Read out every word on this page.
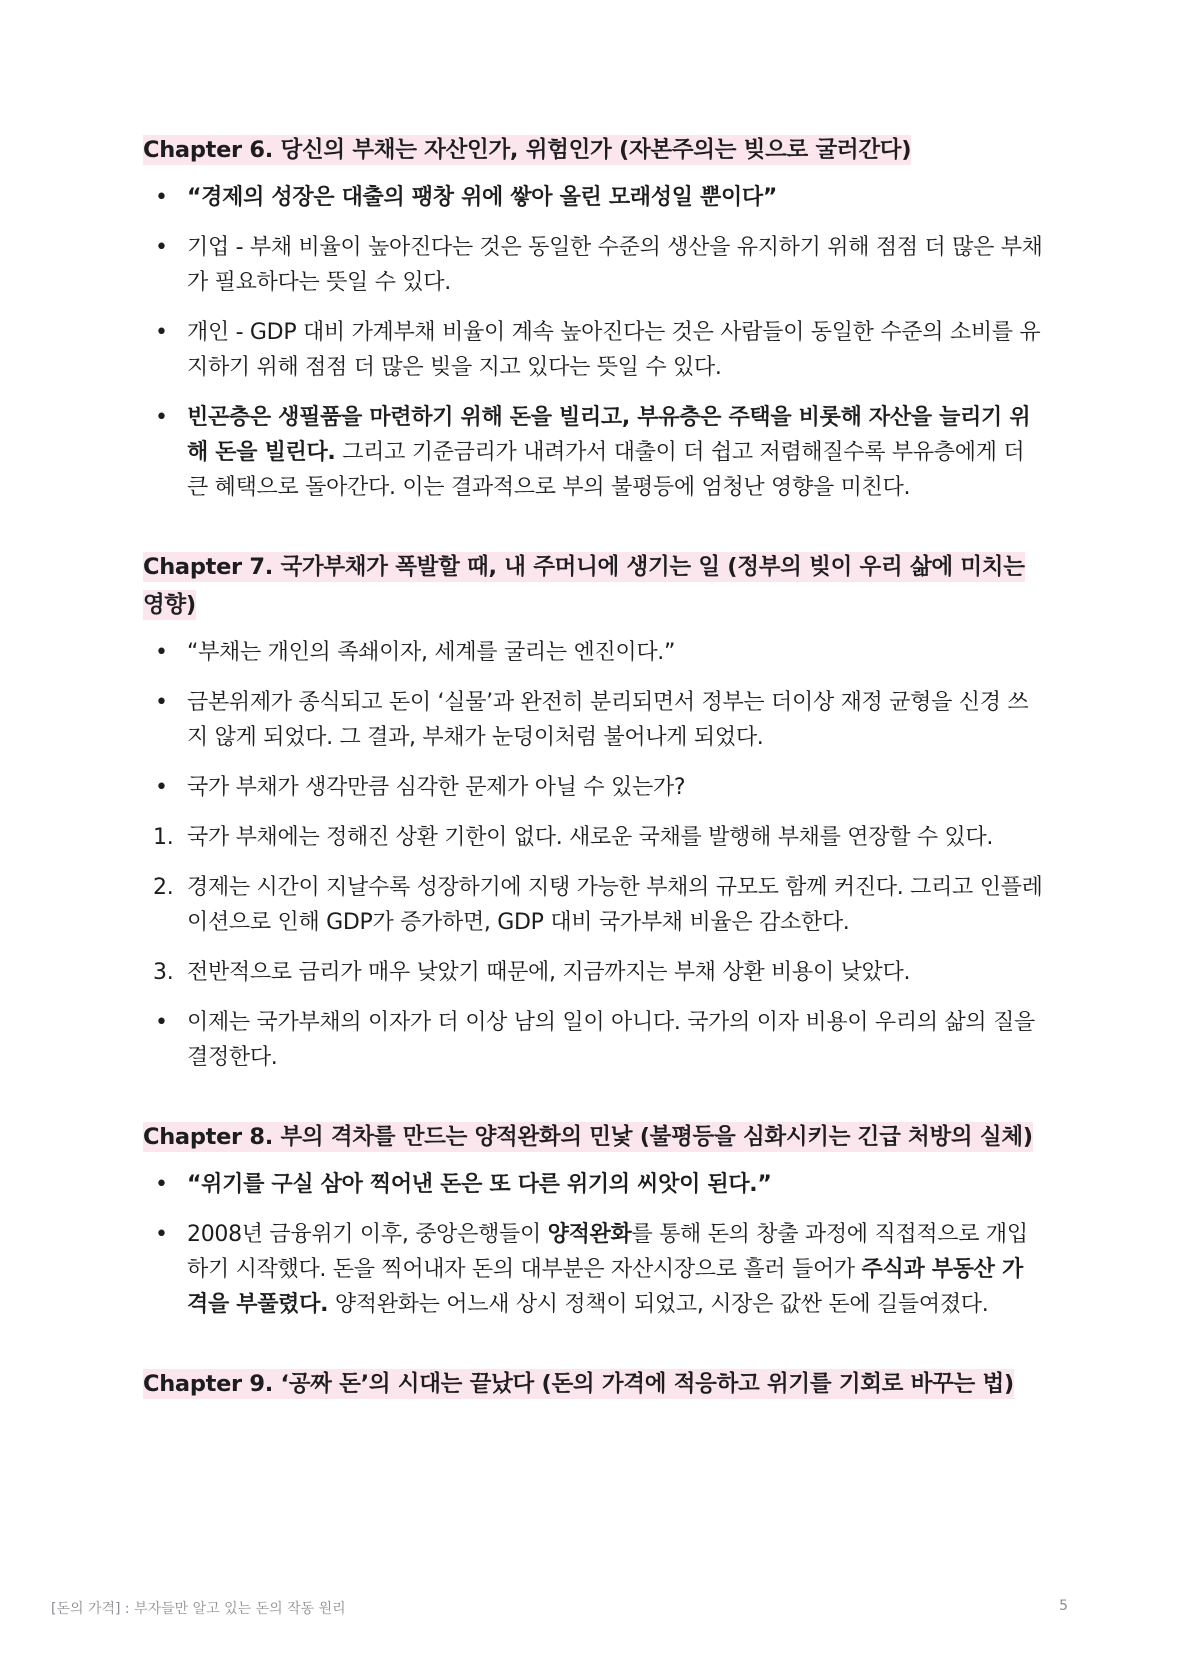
Chapter 6. 당신의 부채는 자산인가, 위험인가 (자본주의는 빚으로 굴러간다)

• “경제의 성장은 대출의 팽창 위에 쌓아 올린 모래성일 뿐이다”
• 기업 - 부채 비율이 높아진다는 것은 동일한 수준의 생산을 유지하기 위해 점점 더 많은 부채가 필요하다는 뜻일 수 있다.
• 개인 - GDP 대비 가계부채 비율이 계속 높아진다는 것은 사람들이 동일한 수준의 소비를 유지하기 위해 점점 더 많은 빚을 지고 있다는 뜻일 수 있다.
• 빈곤층은 생필품을 마련하기 위해 돈을 빌리고, 부유층은 주택을 비롯해 자산을 늘리기 위해 돈을 빌린다. 그리고 기준금리가 내려가서 대출이 더 쉽고 저렴해질수록 부유층에게 더 큰 혜택으로 돌아간다. 이는 결과적으로 부의 불평등에 엄청난 영향을 미친다.

Chapter 7. 국가부채가 폭발할 때, 내 주머니에 생기는 일 (정부의 빚이 우리 삶에 미치는 영향)

• “부채는 개인의 족쇄이자, 세계를 굴리는 엔진이다.”
• 금본위제가 종식되고 돈이 ‘실물’과 완전히 분리되면서 정부는 더이상 재정 균형을 신경 쓰지 않게 되었다. 그 결과, 부채가 눈덩이처럼 불어나게 되었다.
• 국가 부채가 생각만큼 심각한 문제가 아닐 수 있는가?
1. 국가 부채에는 정해진 상환 기한이 없다. 새로운 국채를 발행해 부채를 연장할 수 있다.
2. 경제는 시간이 지날수록 성장하기에 지탱 가능한 부채의 규모도 함께 커진다. 그리고 인플레이션으로 인해 GDP가 증가하면, GDP 대비 국가부채 비율은 감소한다.
3. 전반적으로 금리가 매우 낮았기 때문에, 지금까지는 부채 상환 비용이 낮았다.
• 이제는 국가부채의 이자가 더 이상 남의 일이 아니다. 국가의 이자 비용이 우리의 삶의 질을 결정한다.

Chapter 8. 부의 격차를 만드는 양적완화의 민낯 (불평등을 심화시키는 긴급 처방의 실체)

• “위기를 구실 삼아 찍어낸 돈은 또 다른 위기의 씨앗이 된다.”
• 2008년 금융위기 이후, 중앙은행들이 양적완화를 통해 돈의 창출 과정에 직접적으로 개입하기 시작했다. 돈을 찍어내자 돈의 대부분은 자산시장으로 흘러 들어가 주식과 부동산 가격을 부풀렸다. 양적완화는 어느새 상시 정책이 되었고, 시장은 값싼 돈에 길들여졌다.

Chapter 9. ‘공짜 돈’의 시대는 끝났다 (돈의 가격에 적응하고 위기를 기회로 바꾸는 법)

[돈의 가격] : 부자들만 알고 있는 돈의 작동 원리	5
